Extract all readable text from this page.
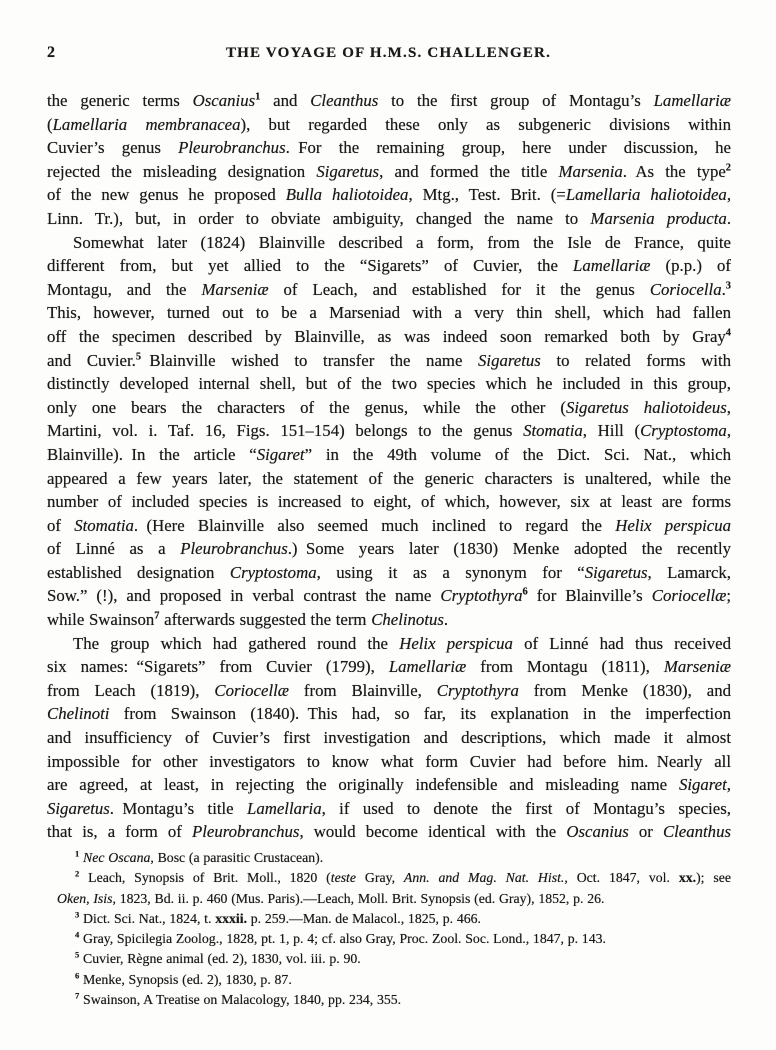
2	THE VOYAGE OF H.M.S. CHALLENGER.
the generic terms Oscanius$^1$ and Cleanthus to the first group of Montagu’s Lamellariæ
(Lamellaria membranacea), but regarded these only as subgeneric divisions within
Cuvier’s genus Pleurobranchus. For the remaining group, here under discussion, he
rejected the misleading designation Sigaretus, and formed the title Marsenia. As the type$^2$
of the new genus he proposed Bulla haliotoidea, Mtg., Test. Brit. (=Lamellaria haliotoidea,
Linn. Tr.), but, in order to obviate ambiguity, changed the name to Marsenia producta.
Somewhat later (1824) Blainville described a form, from the Isle de France, quite
different from, but yet allied to the “Sigarets” of Cuvier, the Lamellariæ (p.p.) of
Montagu, and the Marseniæ of Leach, and established for it the genus Coriocella.$^3$
This, however, turned out to be a Marseniad with a very thin shell, which had fallen
off the specimen described by Blainville, as was indeed soon remarked both by Gray$^4$
and Cuvier.$^5$ Blainville wished to transfer the name Sigaretus to related forms with
distinctly developed internal shell, but of the two species which he included in this group,
only one bears the characters of the genus, while the other (Sigaretus haliotoideus,
Martini, vol. i. Taf. 16, Figs. 151–154) belongs to the genus Stomatia, Hill (Cryptostoma,
Blainville). In the article “Sigaret” in the 49th volume of the Dict. Sci. Nat., which
appeared a few years later, the statement of the generic characters is unaltered, while the
number of included species is increased to eight, of which, however, six at least are forms
of Stomatia. (Here Blainville also seemed much inclined to regard the Helix perspicua
of Linné as a Pleurobranchus.) Some years later (1830) Menke adopted the recently
established designation Cryptostoma, using it as a synonym for “Sigaretus, Lamarck,
Sow.” (!), and proposed in verbal contrast the name Cryptothyra$^6$ for Blainville’s Coriocellæ;
while Swainson$^7$ afterwards suggested the term Chelinotus.
The group which had gathered round the Helix perspicua of Linné had thus received
six names: “Sigarets” from Cuvier (1799), Lamellariæ from Montagu (1811), Marseniæ
from Leach (1819), Coriocellæ from Blainville, Cryptothyra from Menke (1830), and
Chelinoti from Swainson (1840). This had, so far, its explanation in the imperfection
and insufficiency of Cuvier’s first investigation and descriptions, which made it almost
impossible for other investigators to know what form Cuvier had before him. Nearly all
are agreed, at least, in rejecting the originally indefensible and misleading name Sigaret,
Sigaretus. Montagu’s title Lamellaria, if used to denote the first of Montagu’s species,
that is, a form of Pleurobranchus, would become identical with the Oscanius or Cleanthus
$^1$ Nec Oscana, Bosc (a parasitic Crustacean).
$^2$ Leach, Synopsis of Brit. Moll., 1820 (teste Gray, Ann. and Mag. Nat. Hist., Oct. 1847, vol. xx.); see
Oken, Isis, 1823, Bd. ii. p. 460 (Mus. Paris).—Leach, Moll. Brit. Synopsis (ed. Gray), 1852, p. 26.
$^3$ Dict. Sci. Nat., 1824, t. xxxii. p. 259.—Man. de Malacol., 1825, p. 466.
$^4$ Gray, Spicilegia Zoolog., 1828, pt. 1, p. 4; cf. also Gray, Proc. Zool. Soc. Lond., 1847, p. 143.
$^5$ Cuvier, Règne animal (ed. 2), 1830, vol. iii. p. 90.
$^6$ Menke, Synopsis (ed. 2), 1830, p. 87.
$^7$ Swainson, A Treatise on Malacology, 1840, pp. 234, 355.
